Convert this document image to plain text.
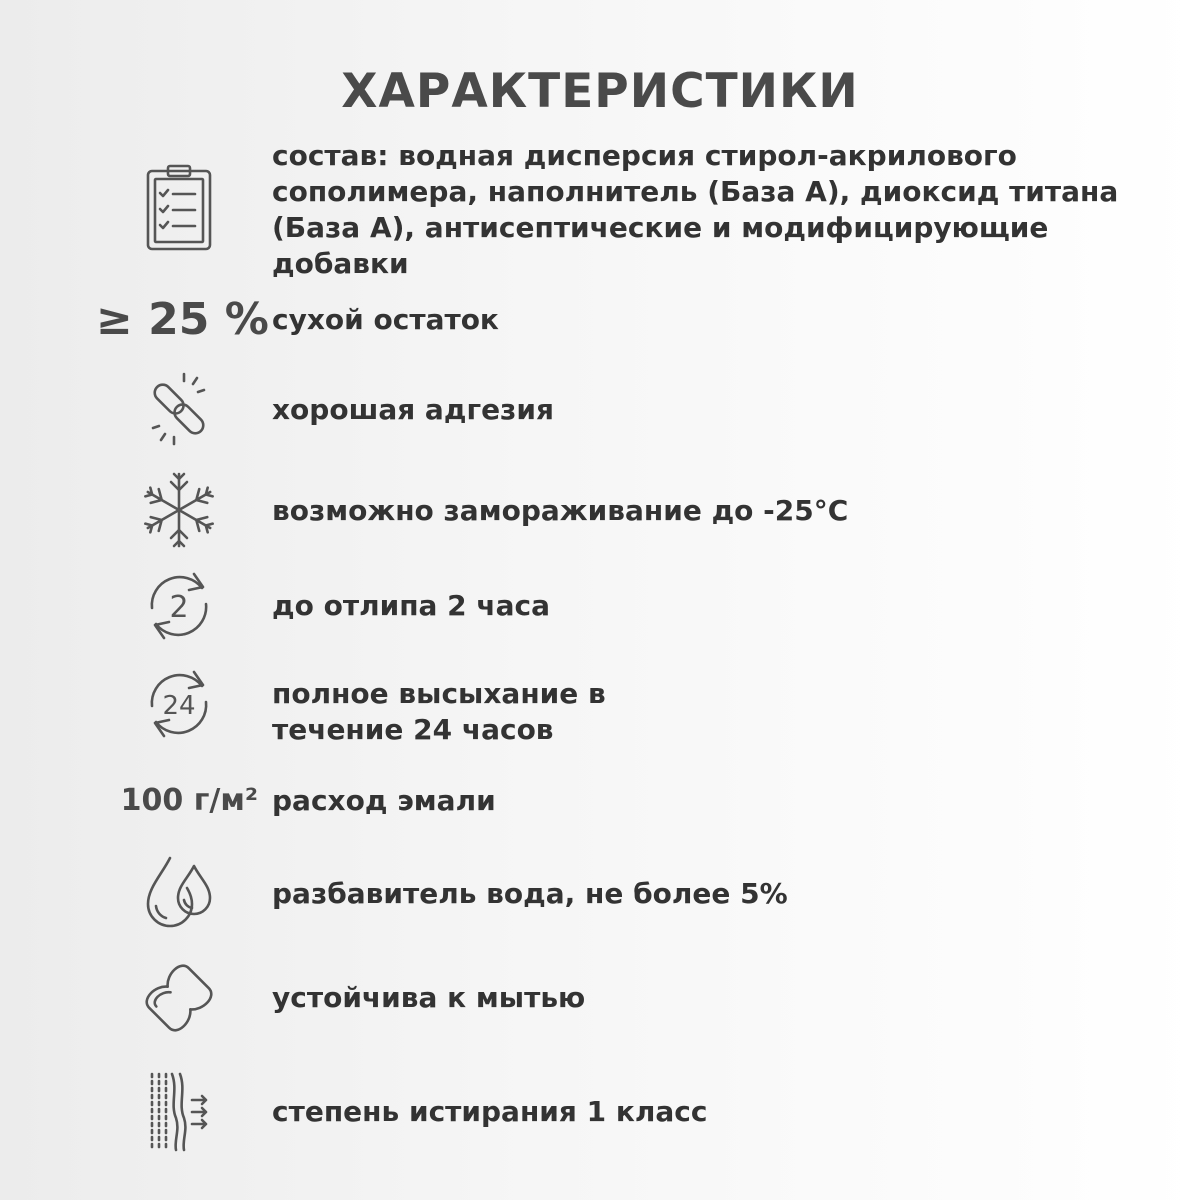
ХАРАКТЕРИСТИКИ
состав: водная дисперсия стирол-акрилового сополимера, наполнитель (База А), диоксид титана (База А), антисептические и модифицирующие добавки
≥ 25 % сухой остаток
хорошая адгезия
возможно замораживание до -25°C
2	до отлипа 2 часа
24	полное высыхание в течение 24 часов
100 г/м² расход эмали
разбавитель вода, не более 5%
устойчива к мытью
степень истирания 1 класс
